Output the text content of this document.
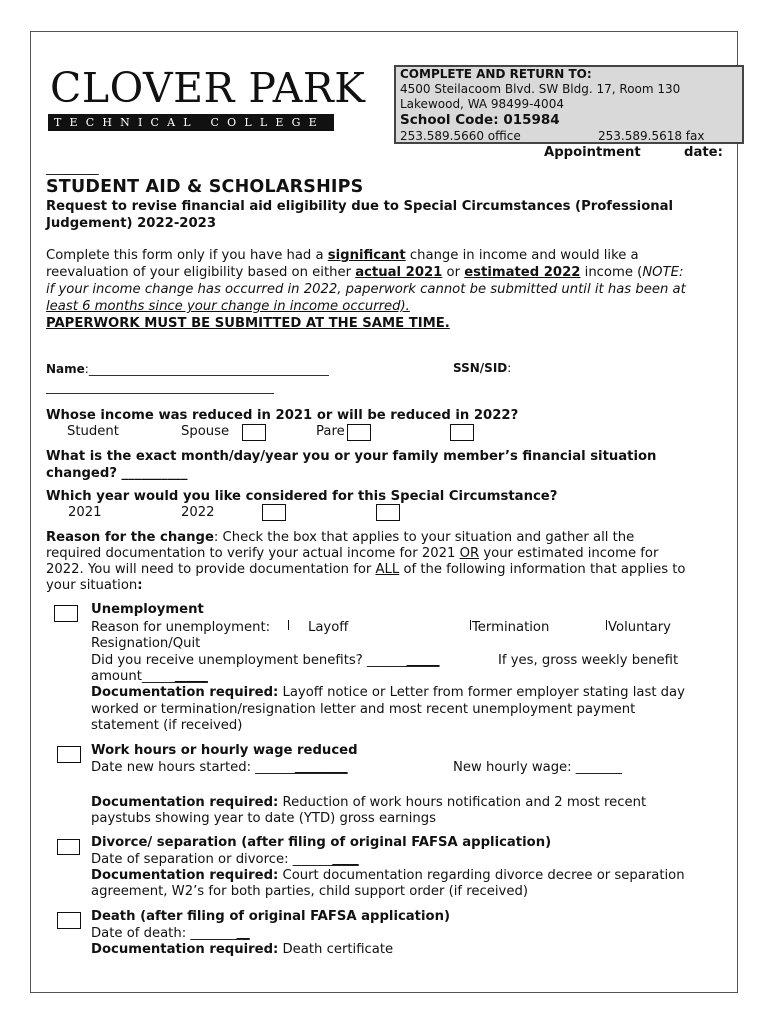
CLOVER PARK
TECHNICAL COLLEGE
COMPLETE AND RETURN TO:
4500 Steilacoom Blvd. SW Bldg. 17, Room 130
Lakewood, WA 98499-4004
School Code: 015984
253.589.5660 office	253.589.5618 fax
Appointment	date:
________
STUDENT AID & SCHOLARSHIPS
Request to revise financial aid eligibility due to Special Circumstances (Professional
Judgement) 2022-2023
Complete this form only if you have had a significant change in income and would like a
reevaluation of your eligibility based on either actual 2021 or estimated 2022 income (NOTE:
if your income change has occurred in 2022, paperwork cannot be submitted until it has been at
least 6 months since your change in income occurred).
PAPERWORK MUST BE SUBMITTED AT THE SAME TIME.
Name:________________________________________
______________________________________
SSN/SID:
Whose income was reduced in 2021 or will be reduced in 2022?
Student	Spouse	Pare
What is the exact month/day/year you or your family member’s financial situation
changed? __________
Which year would you like considered for this Special Circumstance?
2021	2022
Reason for the change: Check the box that applies to your situation and gather all the
required documentation to verify your actual income for 2021 OR your estimated income for
2022. You will need to provide documentation for ALL of the following information that applies to
your situation:
Unemployment
Reason for unemployment:	Layoff	Termination	Voluntary
Resignation/Quit
Did you receive unemployment benefits? ___________	If yes, gross weekly benefit
amount__________
Documentation required: Layoff notice or Letter from former employer stating last day
worked or termination/resignation letter and most recent unemployment payment
statement (if received)
Work hours or hourly wage reduced
Date new hours started: ______________	New hourly wage: _______
Documentation required: Reduction of work hours notification and 2 most recent
paystubs showing year to date (YTD) gross earnings
Divorce/ separation (after filing of original FAFSA application)
Date of separation or divorce: __________
Documentation required: Court documentation regarding divorce decree or separation
agreement, W2’s for both parties, child support order (if received)
Death (after filing of original FAFSA application)
Date of death: _________
Documentation required: Death certificate
